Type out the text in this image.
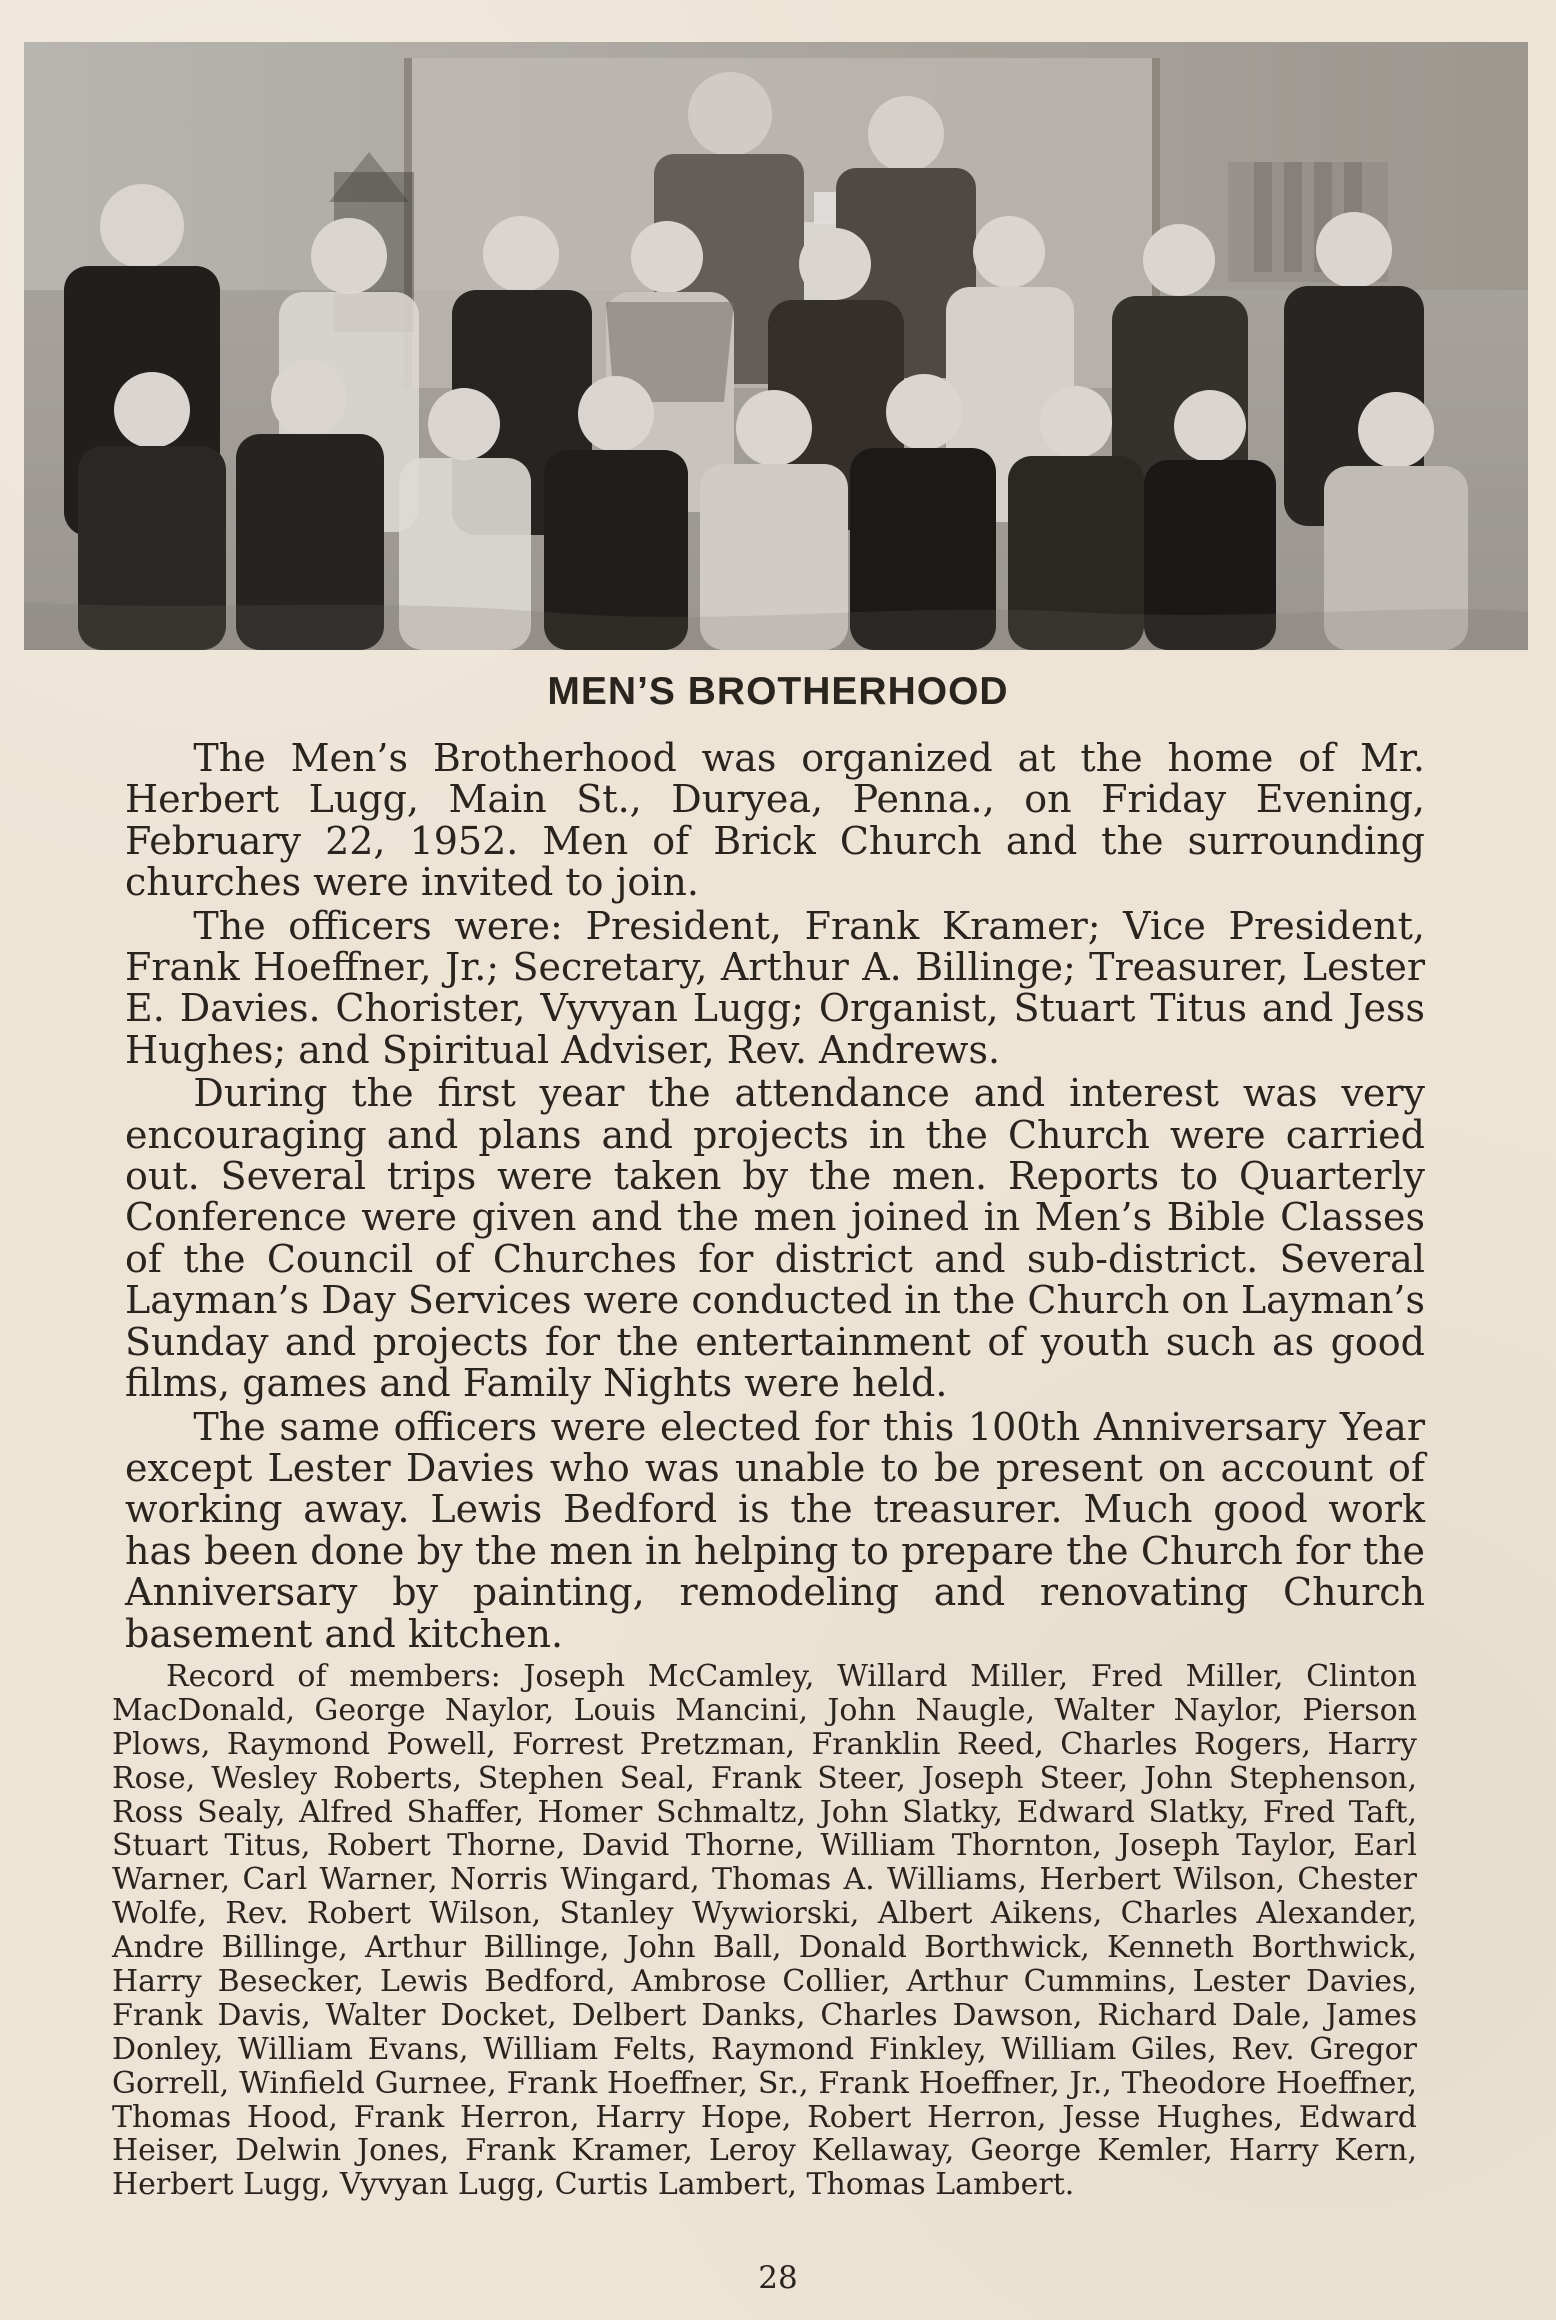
MEN’S BROTHERHOOD

The Men’s Brotherhood was organized at the home of Mr. Herbert Lugg, Main St., Duryea, Penna., on Friday Evening, February 22, 1952. Men of Brick Church and the surrounding churches were invited to join.

The officers were: President, Frank Kramer; Vice President, Frank Hoeffner, Jr.; Secretary, Arthur A. Billinge; Treasurer, Lester E. Davies. Chorister, Vyvyan Lugg; Organist, Stuart Titus and Jess Hughes; and Spiritual Adviser, Rev. Andrews.

During the first year the attendance and interest was very encouraging and plans and projects in the Church were carried out. Several trips were taken by the men. Reports to Quarterly Conference were given and the men joined in Men’s Bible Classes of the Council of Churches for district and sub-district. Several Layman’s Day Services were conducted in the Church on Layman’s Sunday and projects for the entertainment of youth such as good films, games and Family Nights were held.

The same officers were elected for this 100th Anniversary Year except Lester Davies who was unable to be present on account of working away. Lewis Bedford is the treasurer. Much good work has been done by the men in helping to prepare the Church for the Anniversary by painting, remodeling and renovating Church basement and kitchen.

Record of members: Joseph McCamley, Willard Miller, Fred Miller, Clinton MacDonald, George Naylor, Louis Mancini, John Naugle, Walter Naylor, Pierson Plows, Raymond Powell, Forrest Pretzman, Franklin Reed, Charles Rogers, Harry Rose, Wesley Roberts, Stephen Seal, Frank Steer, Joseph Steer, John Stephenson, Ross Sealy, Alfred Shaffer, Homer Schmaltz, John Slatky, Edward Slatky, Fred Taft, Stuart Titus, Robert Thorne, David Thorne, William Thornton, Joseph Taylor, Earl Warner, Carl Warner, Norris Wingard, Thomas A. Williams, Herbert Wilson, Chester Wolfe, Rev. Robert Wilson, Stanley Wywiorski, Albert Aikens, Charles Alexander, Andre Billinge, Arthur Billinge, John Ball, Donald Borthwick, Kenneth Borthwick, Harry Besecker, Lewis Bedford, Ambrose Collier, Arthur Cummins, Lester Davies, Frank Davis, Walter Docket, Delbert Danks, Charles Dawson, Richard Dale, James Donley, William Evans, William Felts, Raymond Finkley, William Giles, Rev. Gregor Gorrell, Winfield Gurnee, Frank Hoeffner, Sr., Frank Hoeffner, Jr., Theodore Hoeffner, Thomas Hood, Frank Herron, Harry Hope, Robert Herron, Jesse Hughes, Edward Heiser, Delwin Jones, Frank Kramer, Leroy Kellaway, George Kemler, Harry Kern, Herbert Lugg, Vyvyan Lugg, Curtis Lambert, Thomas Lambert.
28
